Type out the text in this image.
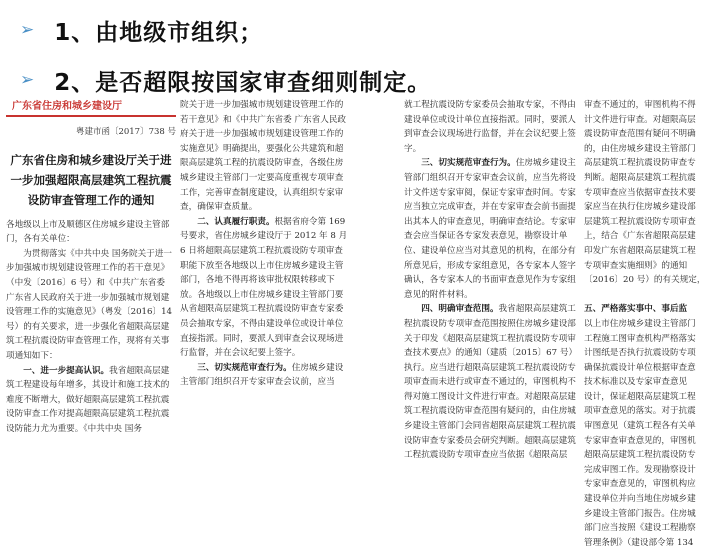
➢ 1、由地级市组织；
➢ 2、是否超限按国家审查细则制定。
广东省住房和城乡建设厅
粤建市函〔2017〕738 号
广东省住房和城乡建设厅关于进一步加强超限高层建筑工程抗震设防审查管理工作的通知

各地级以上市及顺德区住房城乡建设主管部门，各有关单位：

为贯彻落实《中共中央 国务院关于进一步加强城市规划建设管理工作的若干意见》（中发〔2016〕6 号）和《中共广东省委 广东省人民政府关于进一步加强城市规划建设管理工作的实施意见》（粤发〔2016〕14 号）的有关要求，进一步强化省超限高层建筑工程抗震设防审查管理工作，现将有关事项通知如下：

一、进一步提高认识。我省超限高层建筑工程建设每年增多，其设计和施工技术的难度不断增大，做好超限高层建筑工程抗震设防审查工作对提高超限高层建筑工程抗震设防能力尤为重要。《中共中央 国务

院关于进一步加强城市规划建设管理工作的若干意见》和《中共广东省委 广东省人民政府关于进一步加强城市规划建设管理工作的实施意见》明确提出，要强化公共建筑和超限高层建筑工程的抗震设防审查，各级住房城乡建设主管部门一定要高度重视专项审查工作，完善审查制度建设，认真组织专家审查，确保审查质量。

二、认真履行职责。根据省府令第 169 号要求，省住房城乡建设厅于 2012 年 8 月 6 日将超限高层建筑工程抗震设防专项审查职能下放至各地级以上市住房城乡建设主管部门，各地不得再将该审批权限转移或下放。各地级以上市住房城乡建设主管部门要从省超限高层建筑工程抗震设防审查专家委员会抽取专家，不得由建设单位或设计单位直接指派。同时，要派人到审查会议现场进行监督，并在会议纪要上签字。

三、切实规范审查行为。住房城乡建设主管部门组织召开专家审查会议前，应当

就工程抗震设防专家委员会抽取专家，不得由建设单位或设计单位直接指派。同时，要派人到审查会议现场进行监督，并在会议纪要上签字。

三、切实规范审查行为。住房城乡建设主管部门组织召开专家审查会议前，应当先将设计文件送专家审阅，保证专家审查时间。专家应当独立完成审查，并在专家审查会前书面提出其本人的审查意见，明确审查结论。专家审查会应当保证各专家发表意见，勘察设计单位、建设单位应当对其意见的机构，在部分有所意见后，形成专家组意见，各专家本人签字确认，各专家本人的书面审查意见作为专家组意见的附件材料。

四、明确审查范围。我省超限高层建筑工程抗震设防专项审查范围按照住房城乡建设部关于印发《超限高层建筑工程抗震设防专项审查技术要点》的通知（建质〔2015〕67 号）执行。应当进行超限高层建筑工程抗震设防专项审查而未进行或审查不通过的，审图机构不得对施工图设计文件进行审查。对超限高层建筑工程抗震设防审查范围有疑问的，由住房城乡建设主管部门会同省超限高层建筑工程抗震设防审查专家委员会研究判断。超限高层建筑工程抗震设防专项审查应当依据《超限高层

审查不通过的，审图机构不得
计文件进行审查。对超限高层
震设防审查范围有疑问不明确
的，由住房城乡建设主管部门
高层建筑工程抗震设防审查专
判断。超限高层建筑工程抗震
专项审查应当依据审查技术要
家应当在执行住房城乡建设部
层建筑工程抗震设防专项审查
上，结合《广东省超限高层建
印发广东省超限高层建筑工程
专项审查实施细则》的通知
〔2016〕20 号）的有关规定，

五、严格落实事中、事后监
以上市住房城乡建设主管部门
工程施工图审查机构严格落实
计图纸是否执行抗震设防专项
确保抗震设计单位根据审查意
技术标准以及专家审查意见
设计，保证超限高层建筑工程
项审查意见的落实。对于抗震
审图意见（建筑工程各有关单
专家审查审查意见的，审图机
超限高层建筑工程抗震设防专
完成审图工作。发现勘察设计
专家审查意见的，审图机构应
建设单位并向当地住房城乡建
乡建设主管部门报告。住房城
部门应当按照《建设工程勘察
管理条例》（建设部令第 134
